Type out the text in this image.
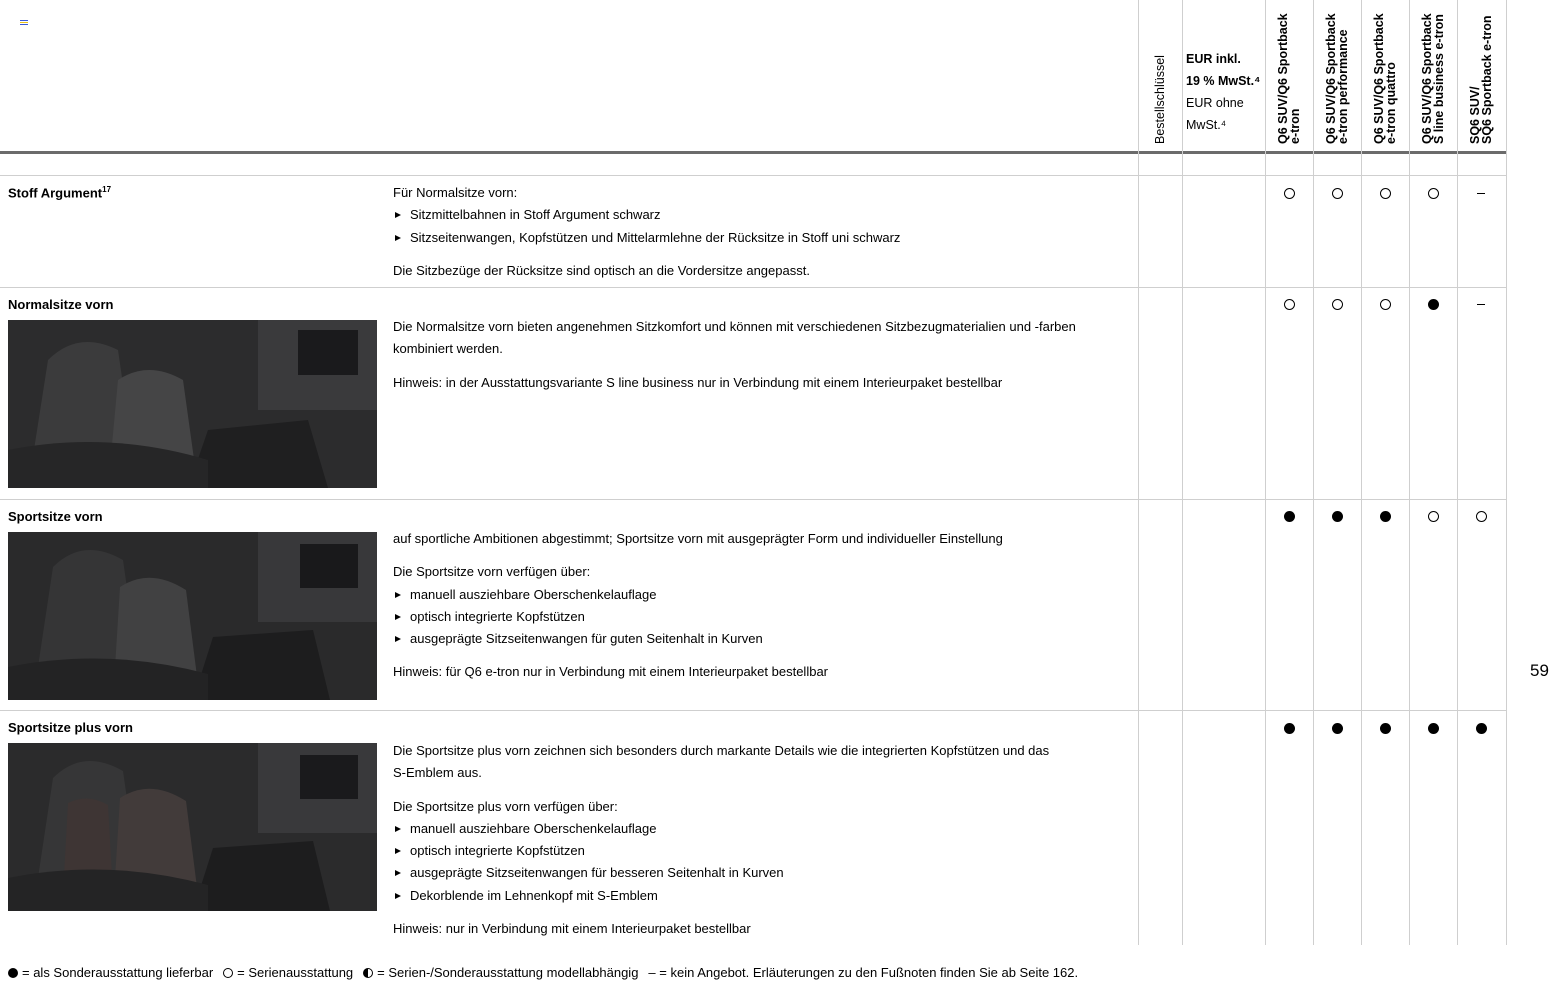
Bestellschlüssel EUR inkl.
19 % MwSt.⁴
EUR ohne
MwSt.⁴
Q6 SUV/Q6 Sportback
e-tron Q6 SUV/Q6 Sportback
e-tron performance
Q6 SUV/Q6 Sportback
e-tron quattro
Q6 SUV/Q6 Sportback
S line business e-tron
SQ6 SUV/
SQ6 Sportback e-tron
Stoff Argument$^{17}$	Für Normalsitze vorn:

Sitzmittelbahnen in Stoff Argument schwarz

Sitzseitenwangen, Kopfstützen und Mittelarmlehne der Rücksitze in Stoff uni schwarz

Die Sitzbezüge der Rücksitze sind optisch an die Vordersitze angepasst.

Normalsitze vorn

Die Normalsitze vorn bieten angenehmen Sitzkomfort und können mit verschiedenen Sitzbezugmaterialien und -farben

kombiniert werden.

Hinweis: in der Ausstattungsvariante S line business nur in Verbindung mit einem Interieurpaket bestellbar

Sportsitze vorn

auf sportliche Ambitionen abgestimmt; Sportsitze vorn mit ausgeprägter Form und individueller Einstellung

Die Sportsitze vorn verfügen über:

manuell ausziehbare Oberschenkelauflage

optisch integrierte Kopfstützen

ausgeprägte Sitzseitenwangen für guten Seitenhalt in Kurven

Hinweis: für Q6 e-tron nur in Verbindung mit einem Interieurpaket bestellbar

Sportsitze plus vorn

Die Sportsitze plus vorn zeichnen sich besonders durch markante Details wie die integrierten Kopfstützen und das

S-Emblem aus.

Die Sportsitze plus vorn verfügen über:

manuell ausziehbare Oberschenkelauflage

optisch integrierte Kopfstützen

ausgeprägte Sitzseitenwangen für besseren Seitenhalt in Kurven

Dekorblende im Lehnenkopf mit S-Emblem

Hinweis: nur in Verbindung mit einem Interieurpaket bestellbar

59
= als Sonderausstattung lieferbar = Serienausstattung = Serien-/Sonderausstattung modellabhängig – = kein Angebot. Erläuterungen zu den Fußnoten finden Sie ab Seite 162.
